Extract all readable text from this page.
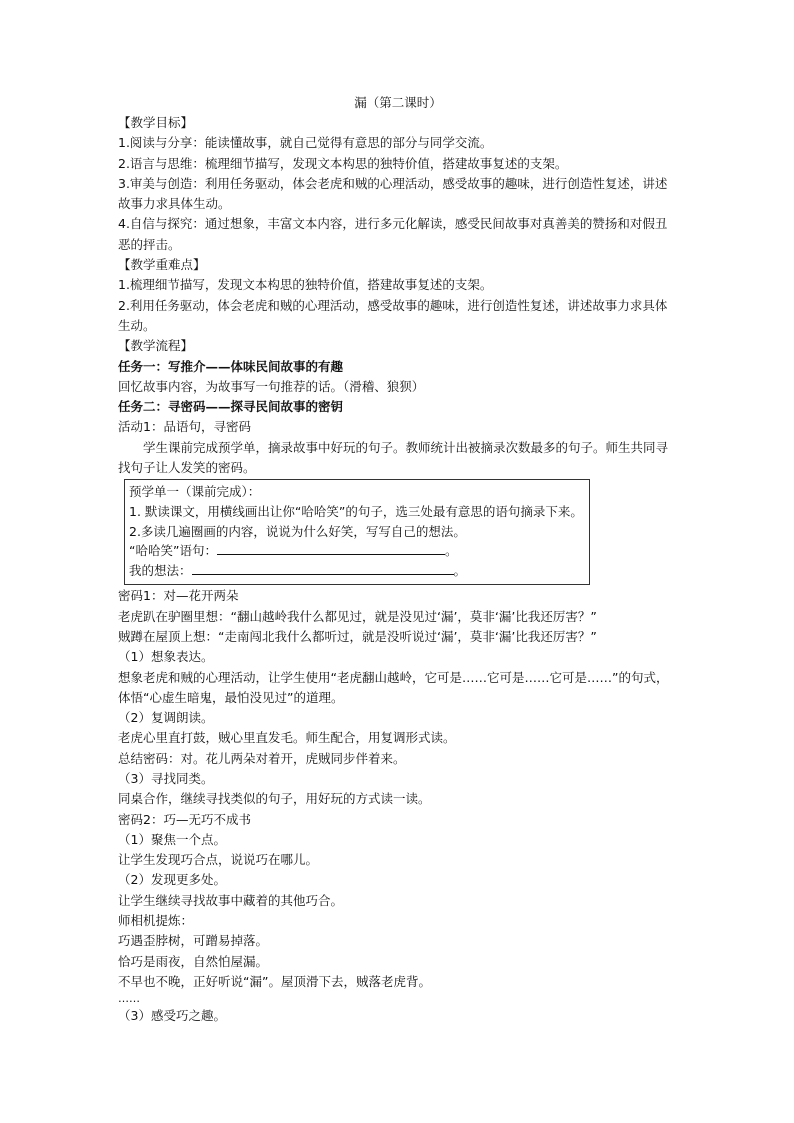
漏（第二课时）
【教学目标】
1.阅读与分享：能读懂故事，就自己觉得有意思的部分与同学交流。
2.语言与思维：梳理细节描写，发现文本构思的独特价值，搭建故事复述的支架。
3.审美与创造：利用任务驱动，体会老虎和贼的心理活动，感受故事的趣味，进行创造性复述，讲述故事力求具体生动。
4.自信与探究：通过想象，丰富文本内容，进行多元化解读，感受民间故事对真善美的赞扬和对假丑恶的抨击。
【教学重难点】
1.梳理细节描写，发现文本构思的独特价值，搭建故事复述的支架。
2.利用任务驱动，体会老虎和贼的心理活动，感受故事的趣味，进行创造性复述，讲述故事力求具体生动。
【教学流程】
任务一：写推介——体味民间故事的有趣
回忆故事内容，为故事写一句推荐的话。（滑稽、狼狈）
任务二：寻密码——探寻民间故事的密钥
活动1：品语句，寻密码
学生课前完成预学单，摘录故事中好玩的句子。教师统计出被摘录次数最多的句子。师生共同寻找句子让人发笑的密码。
预学单一（课前完成）：
1. 默读课文，用横线画出让你“哈哈笑”的句子，选三处最有意思的语句摘录下来。
2.多读几遍圈画的内容，说说为什么好笑，写写自己的想法。
“哈哈笑”语句：	。
我的想法：	。
密码1：对—花开两朵
老虎趴在驴圈里想：“翻山越岭我什么都见过，就是没见过‘漏’，莫非‘漏’比我还厉害？”
贼蹲在屋顶上想：“走南闯北我什么都听过，就是没听说过‘漏’，莫非‘漏’比我还厉害？”
（1）想象表达。
想象老虎和贼的心理活动，让学生使用“老虎翻山越岭，它可是……它可是……它可是……”的句式，体悟“心虚生暗鬼，最怕没见过”的道理。
（2）复调朗读。
老虎心里直打鼓，贼心里直发毛。师生配合，用复调形式读。
总结密码：对。花儿两朵对着开，虎贼同步伴着来。
（3）寻找同类。
同桌合作，继续寻找类似的句子，用好玩的方式读一读。
密码2：巧—无巧不成书
（1）聚焦一个点。
让学生发现巧合点，说说巧在哪儿。
（2）发现更多处。
让学生继续寻找故事中藏着的其他巧合。
师相机提炼：
巧遇歪脖树，可蹭易掉落。
恰巧是雨夜，自然怕屋漏。
不早也不晚，正好听说“漏”。屋顶滑下去，贼落老虎背。
……
（3）感受巧之趣。
